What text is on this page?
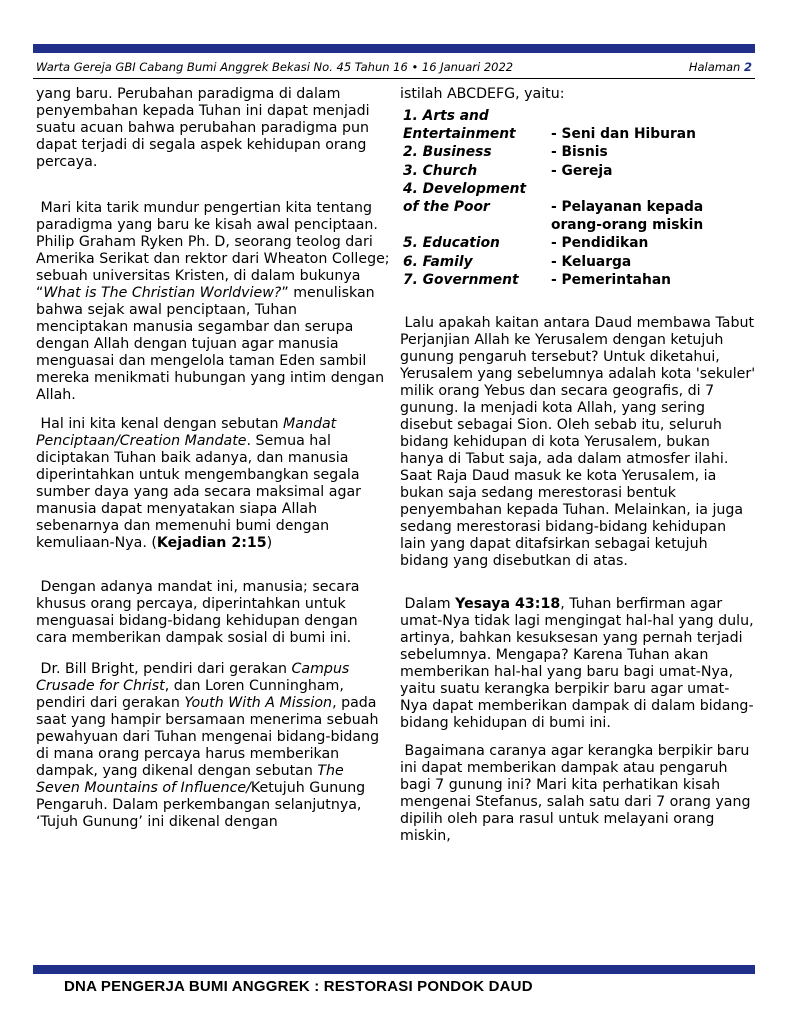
Warta Gereja GBI Cabang Bumi Anggrek Bekasi No. 45 Tahun 16 • 16 Januari 2022	Halaman 2

yang baru. Perubahan paradigma di dalam penyembahan kepada Tuhan ini dapat menjadi suatu acuan bahwa perubahan paradigma pun dapat terjadi di segala aspek kehidupan orang percaya.

Mari kita tarik mundur pengertian kita tentang paradigma yang baru ke kisah awal penciptaan. Philip Graham Ryken Ph. D, seorang teolog dari Amerika Serikat dan rektor dari Wheaton College; sebuah universitas Kristen, di dalam bukunya “What is The Christian Worldview?” menuliskan bahwa sejak awal penciptaan, Tuhan menciptakan manusia segambar dan serupa dengan Allah dengan tujuan agar manusia menguasai dan mengelola taman Eden sambil mereka menikmati hubungan yang intim dengan Allah.

Hal ini kita kenal dengan sebutan Mandat Penciptaan/Creation Mandate. Semua hal diciptakan Tuhan baik adanya, dan manusia diperintahkan untuk mengembangkan segala sumber daya yang ada secara maksimal agar manusia dapat menyatakan siapa Allah sebenarnya dan memenuhi bumi dengan kemuliaan-Nya. (Kejadian 2:15)

Dengan adanya mandat ini, manusia; secara khusus orang percaya, diperintahkan untuk menguasai bidang-bidang kehidupan dengan cara memberikan dampak sosial di bumi ini.

Dr. Bill Bright, pendiri dari gerakan Campus Crusade for Christ, dan Loren Cunningham, pendiri dari gerakan Youth With A Mission, pada saat yang hampir bersamaan menerima sebuah pewahyuan dari Tuhan mengenai bidang-bidang di mana orang percaya harus memberikan dampak, yang dikenal dengan sebutan The Seven Mountains of Influence/Ketujuh Gunung Pengaruh. Dalam perkembangan selanjutnya, ‘Tujuh Gunung’ ini dikenal dengan

istilah ABCDEFG, yaitu:

1. Arts and
Entertainment	- Seni dan Hiburan
2. Business	- Bisnis
3. Church	- Gereja
4. Development
of the Poor	- Pelayanan kepada
orang-orang miskin
5. Education	- Pendidikan
6. Family	- Keluarga
7. Government	- Pemerintahan

Lalu apakah kaitan antara Daud membawa Tabut Perjanjian Allah ke Yerusalem dengan ketujuh gunung pengaruh tersebut? Untuk diketahui, Yerusalem yang sebelumnya adalah kota 'sekuler' milik orang Yebus dan secara geografis, di 7 gunung. Ia menjadi kota Allah, yang sering disebut sebagai Sion. Oleh sebab itu, seluruh bidang kehidupan di kota Yerusalem, bukan hanya di Tabut saja, ada dalam atmosfer ilahi. Saat Raja Daud masuk ke kota Yerusalem, ia bukan saja sedang merestorasi bentuk penyembahan kepada Tuhan. Melainkan, ia juga sedang merestorasi bidang-bidang kehidupan lain yang dapat ditafsirkan sebagai ketujuh bidang yang disebutkan di atas.

Dalam Yesaya 43:18, Tuhan berfirman agar umat-Nya tidak lagi mengingat hal-hal yang dulu, artinya, bahkan kesuksesan yang pernah terjadi sebelumnya. Mengapa? Karena Tuhan akan memberikan hal-hal yang baru bagi umat-Nya, yaitu suatu kerangka berpikir baru agar umat-Nya dapat memberikan dampak di dalam bidang-bidang kehidupan di bumi ini.

Bagaimana caranya agar kerangka berpikir baru ini dapat memberikan dampak atau pengaruh bagi 7 gunung ini? Mari kita perhatikan kisah mengenai Stefanus, salah satu dari 7 orang yang dipilih oleh para rasul untuk melayani orang miskin,

DNA PENGERJA BUMI ANGGREK : RESTORASI PONDOK DAUD
